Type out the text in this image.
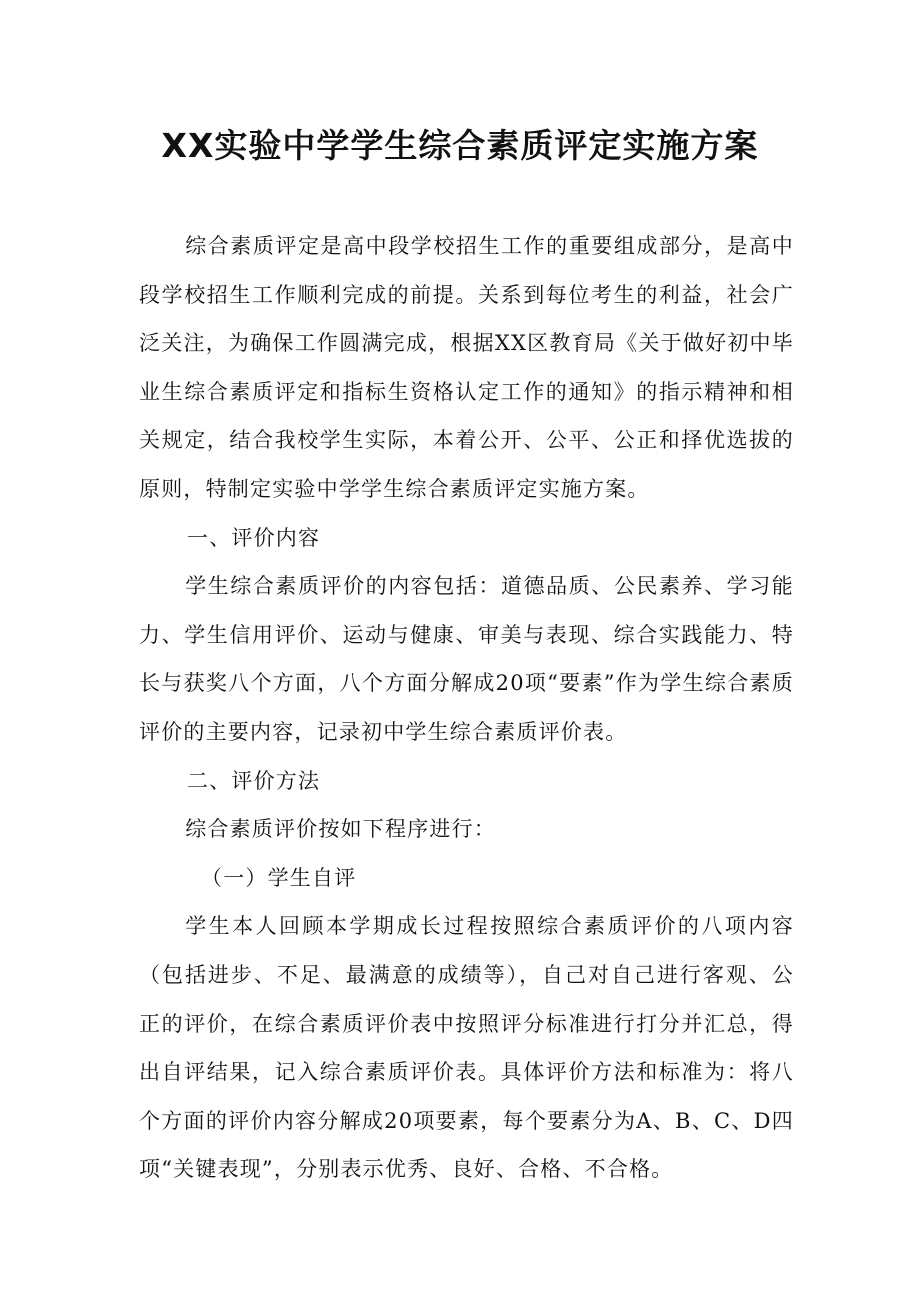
XX实验中学学生综合素质评定实施方案

综合素质评定是高中段学校招生工作的重要组成部分，是高中段学校招生工作顺利完成的前提。关系到每位考生的利益，社会广泛关注，为确保工作圆满完成，根据XX区教育局《关于做好初中毕业生综合素质评定和指标生资格认定工作的通知》的指示精神和相关规定，结合我校学生实际，本着公开、公平、公正和择优选拔的原则，特制定实验中学学生综合素质评定实施方案。

一、评价内容

学生综合素质评价的内容包括：道德品质、公民素养、学习能力、学生信用评价、运动与健康、审美与表现、综合实践能力、特长与获奖八个方面，八个方面分解成20项“要素”作为学生综合素质评价的主要内容，记录初中学生综合素质评价表。

二、评价方法

综合素质评价按如下程序进行：

（一）学生自评

学生本人回顾本学期成长过程按照综合素质评价的八项内容（包括进步、不足、最满意的成绩等），自己对自己进行客观、公正的评价，在综合素质评价表中按照评分标准进行打分并汇总，得出自评结果，记入综合素质评价表。具体评价方法和标准为：将八个方面的评价内容分解成20项要素，每个要素分为A、B、C、D四项“关键表现”，分别表示优秀、良好、合格、不合格。
